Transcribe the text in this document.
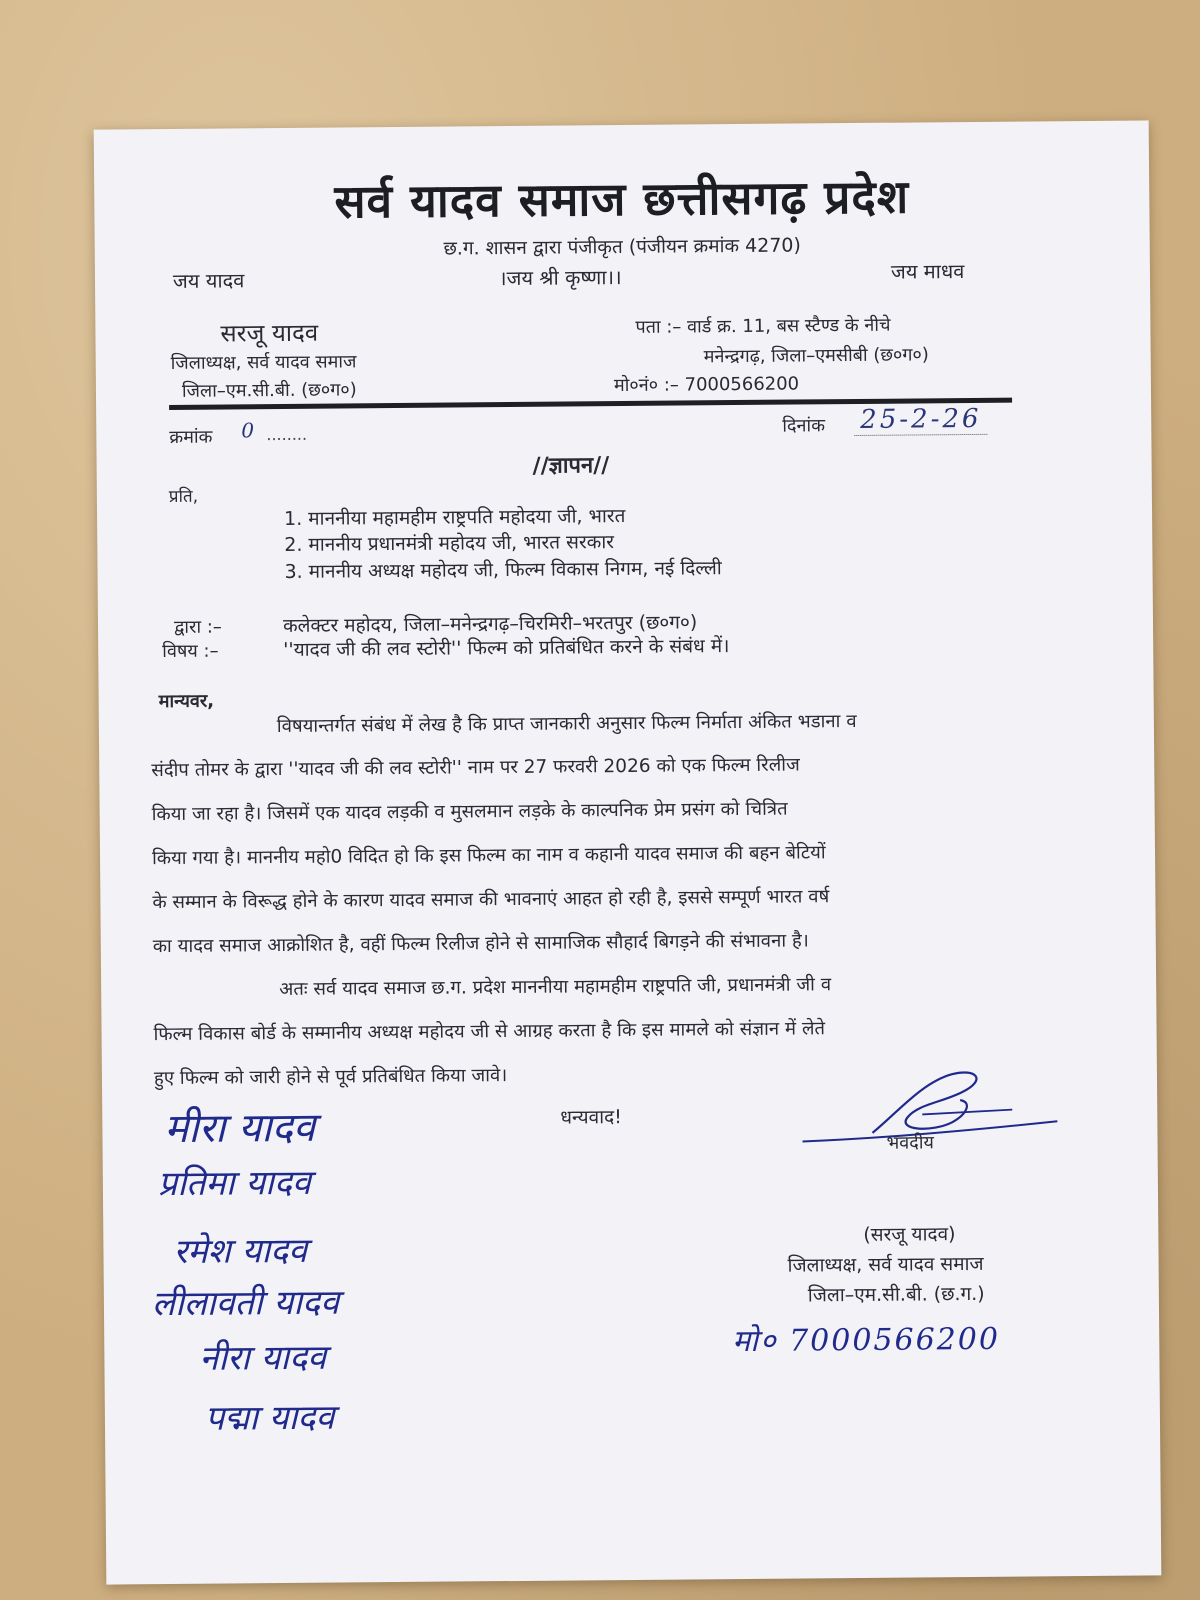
सर्व यादव समाज छत्तीसगढ़ प्रदेश
छ.ग. शासन द्वारा पंजीकृत (पंजीयन क्रमांक 4270)
जय यादव	।जय श्री कृष्णा।।	जय माधव
सरजू यादव
जिलाध्यक्ष, सर्व यादव समाज
जिला–एम.सी.बी. (छ०ग०)
पता :– वार्ड क्र. 11, बस स्टैण्ड के नीचे
मनेन्द्रगढ़, जिला–एमसीबी (छ०ग०)
मो०नं० :– 7000566200
क्रमांक 0 ........	दिनांक 25-2-26
//ज्ञापन//
प्रति,
1. माननीया महामहीम राष्ट्रपति महोदया जी, भारत
2. माननीय प्रधानमंत्री महोदय जी, भारत सरकार
3. माननीय अध्यक्ष महोदय जी, फिल्म विकास निगम, नई दिल्ली
द्वारा :–	कलेक्टर महोदय, जिला–मनेन्द्रगढ़–चिरमिरी–भरतपुर (छ०ग०)
विषय :–	''यादव जी की लव स्टोरी'' फिल्म को प्रतिबंधित करने के संबंध में।
मान्यवर,
विषयान्तर्गत संबंध में लेख है कि प्राप्त जानकारी अनुसार फिल्म निर्माता अंकित भडाना व
संदीप तोमर के द्वारा ''यादव जी की लव स्टोरी'' नाम पर 27 फरवरी 2026 को एक फिल्म रिलीज
किया जा रहा है। जिसमें एक यादव लड़की व मुसलमान लड़के के काल्पनिक प्रेम प्रसंग को चित्रित
किया गया है। माननीय महो0 विदित हो कि इस फिल्म का नाम व कहानी यादव समाज की बहन बेटियों
के सम्मान के विरूद्ध होने के कारण यादव समाज की भावनाएं आहत हो रही है, इससे सम्पूर्ण भारत वर्ष
का यादव समाज आक्रोशित है, वहीं फिल्म रिलीज होने से सामाजिक सौहार्द बिगड़ने की संभावना है।
अतः सर्व यादव समाज छ.ग. प्रदेश माननीया महामहीम राष्ट्रपति जी, प्रधानमंत्री जी व
फिल्म विकास बोर्ड के सम्मानीय अध्यक्ष महोदय जी से आग्रह करता है कि इस मामले को संज्ञान में लेते
हुए फिल्म को जारी होने से पूर्व प्रतिबंधित किया जावे।
धन्यवाद!
भवदीय
(सरजू यादव)
जिलाध्यक्ष, सर्व यादव समाज
जिला–एम.सी.बी. (छ.ग.)
मो० 7000566200
मीरा यादव
प्रतिमा यादव
रमेश यादव
लीलावती यादव
नीरा यादव
पद्मा यादव
